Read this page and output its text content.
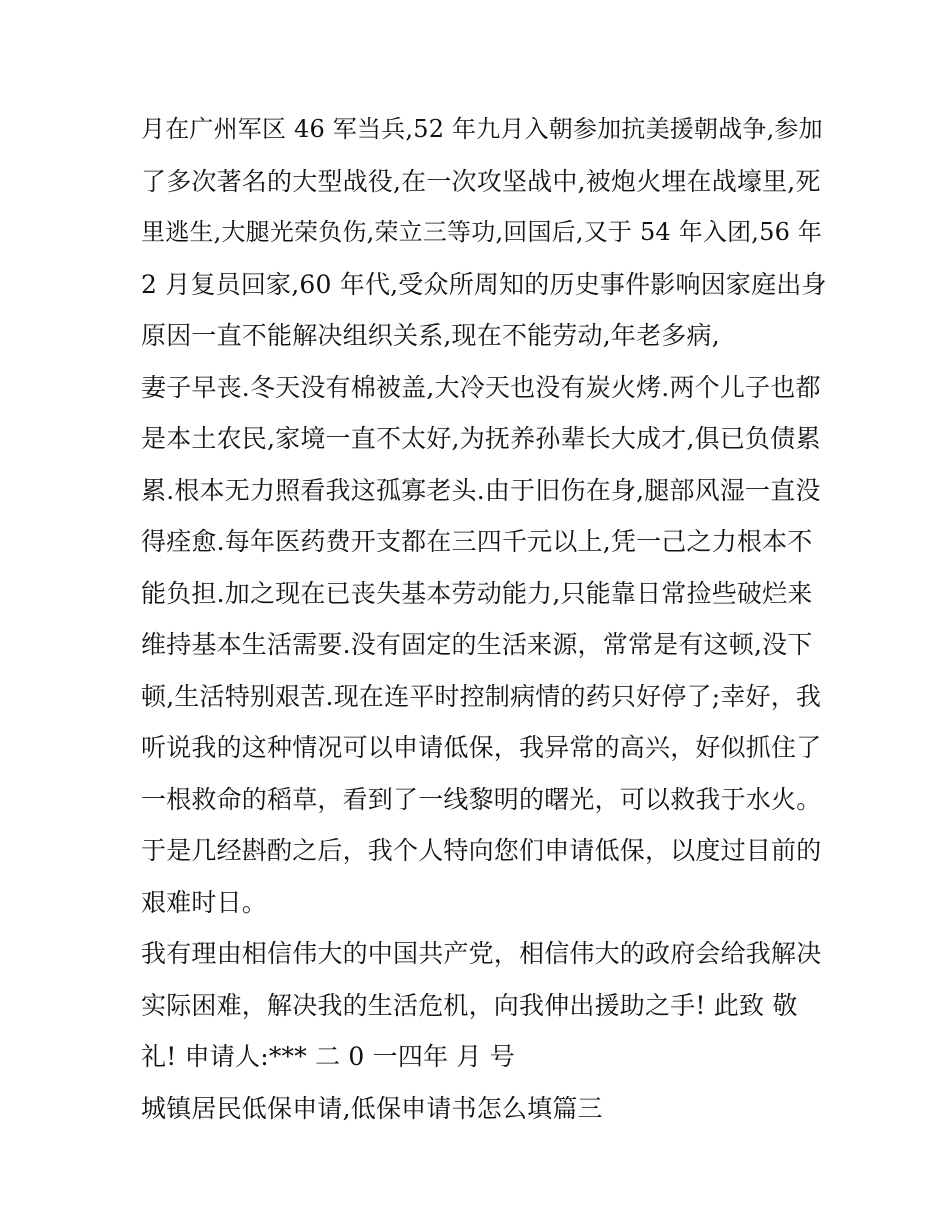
月在广州军区 46 军当兵,52 年九月入朝参加抗美援朝战争,参加
了多次著名的大型战役,在一次攻坚战中,被炮火埋在战壕里,死
里逃生,大腿光荣负伤,荣立三等功,回国后,又于 54 年入团,56 年
2 月复员回家,60 年代,受众所周知的历史事件影响因家庭出身
原因一直不能解决组织关系,现在不能劳动,年老多病,
妻子早丧.冬天没有棉被盖,大冷天也没有炭火烤.两个儿子也都
是本土农民,家境一直不太好,为抚养孙辈长大成才,俱已负债累
累.根本无力照看我这孤寡老头.由于旧伤在身,腿部风湿一直没
得痊愈.每年医药费开支都在三四千元以上,凭一己之力根本不
能负担.加之现在已丧失基本劳动能力,只能靠日常捡些破烂来
维持基本生活需要.没有固定的生活来源，常常是有这顿,没下
顿,生活特别艰苦.现在连平时控制病情的药只好停了;幸好，我
听说我的这种情况可以申请低保，我异常的高兴，好似抓住了
一根救命的稻草，看到了一线黎明的曙光，可以救我于水火。
于是几经斟酌之后，我个人特向您们申请低保，以度过目前的
艰难时日。
我有理由相信伟大的中国共产党，相信伟大的政府会给我解决
实际困难，解决我的生活危机，向我伸出援助之手! 此致 敬
礼! 申请人:*** 二 0 一四年 月 号
城镇居民低保申请,低保申请书怎么填篇三
